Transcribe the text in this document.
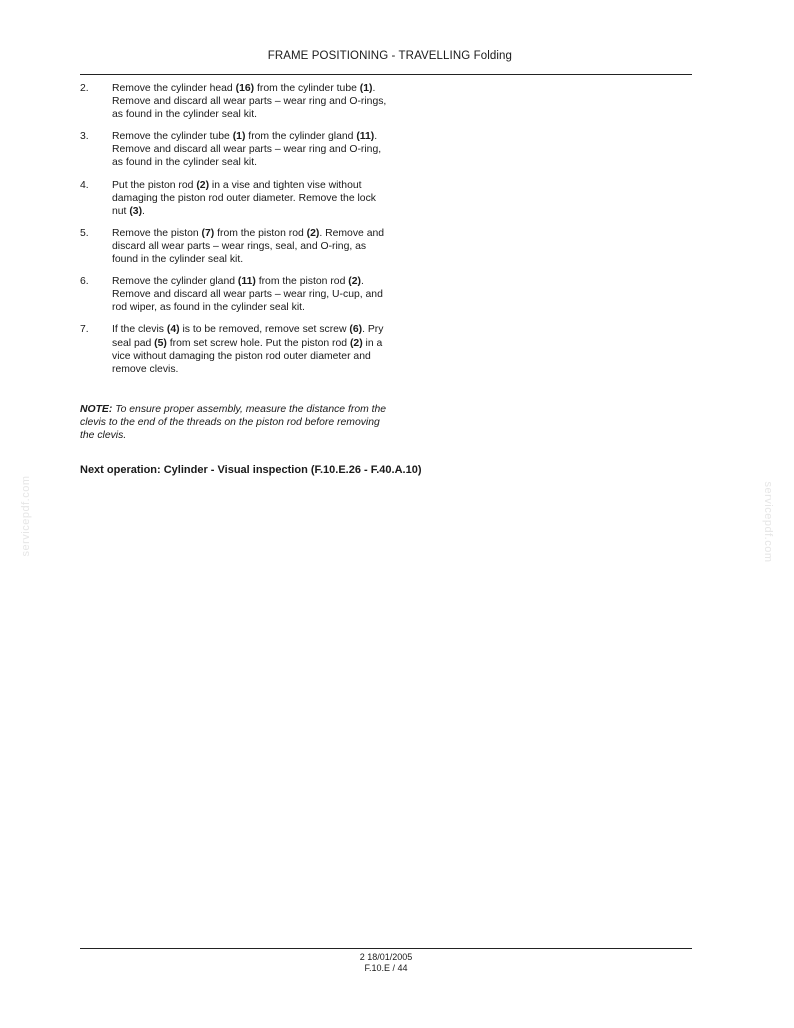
FRAME POSITIONING - TRAVELLING Folding
2. Remove the cylinder head (16) from the cylinder tube (1). Remove and discard all wear parts – wear ring and O-rings, as found in the cylinder seal kit.
3. Remove the cylinder tube (1) from the cylinder gland (11). Remove and discard all wear parts – wear ring and O-ring, as found in the cylinder seal kit.
4. Put the piston rod (2) in a vise and tighten vise without damaging the piston rod outer diameter. Remove the lock nut (3).
5. Remove the piston (7) from the piston rod (2). Remove and discard all wear parts – wear rings, seal, and O-ring, as found in the cylinder seal kit.
6. Remove the cylinder gland (11) from the piston rod (2). Remove and discard all wear parts – wear ring, U-cup, and rod wiper, as found in the cylinder seal kit.
7. If the clevis (4) is to be removed, remove set screw (6). Pry seal pad (5) from set screw hole. Put the piston rod (2) in a vice without damaging the piston rod outer diameter and remove clevis.
NOTE: To ensure proper assembly, measure the distance from the clevis to the end of the threads on the piston rod before removing the clevis.
Next operation: Cylinder - Visual inspection (F.10.E.26 - F.40.A.10)
servicepdf.com	servicepdf.com
2 18/01/2005
F.10.E / 44
